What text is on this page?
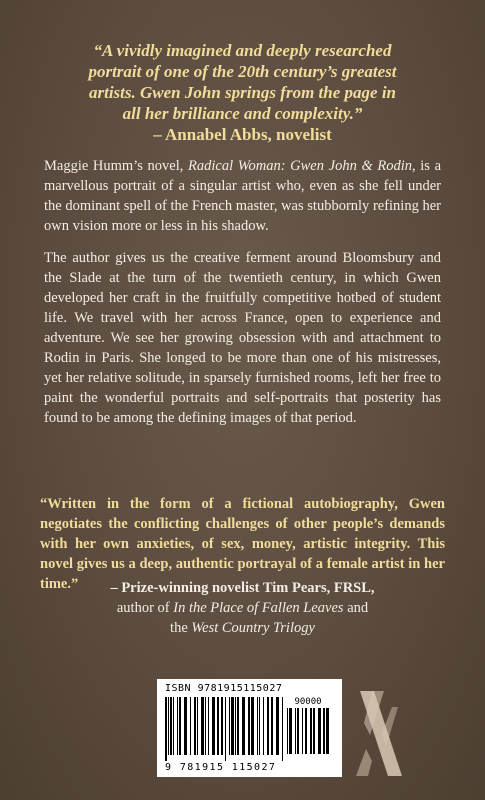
“A vividly imagined and deeply researched
portrait of one of the 20th century’s greatest
artists. Gwen John springs from the page in
all her brilliance and complexity.”
– Annabel Abbs, novelist

Maggie Humm’s novel, Radical Woman: Gwen John & Rodin, is a marvellous portrait of a singular artist who, even as she fell under the dominant spell of the French master, was stubbornly refining her own vision more or less in his shadow.

The author gives us the creative ferment around Bloomsbury and the Slade at the turn of the twentieth century, in which Gwen developed her craft in the fruitfully competitive hotbed of student life. We travel with her across France, open to experience and adventure. We see her growing obsession with and attachment to Rodin in Paris. She longed to be more than one of his mistresses, yet her relative solitude, in sparsely furnished rooms, left her free to paint the wonderful portraits and self-portraits that posterity has found to be among the defining images of that period.

“Written in the form of a fictional autobiography, Gwen negotiates the conflicting challenges of other people’s demands with her own anxieties, of sex, money, artistic integrity. This novel gives us a deep, authentic portrayal of a female artist in her time.”	– Prize-winning novelist Tim Pears, FRSL,
author of In the Place of Fallen Leaves and
the West Country Trilogy
ISBN 9781915115027
90000
9 781915 115027
